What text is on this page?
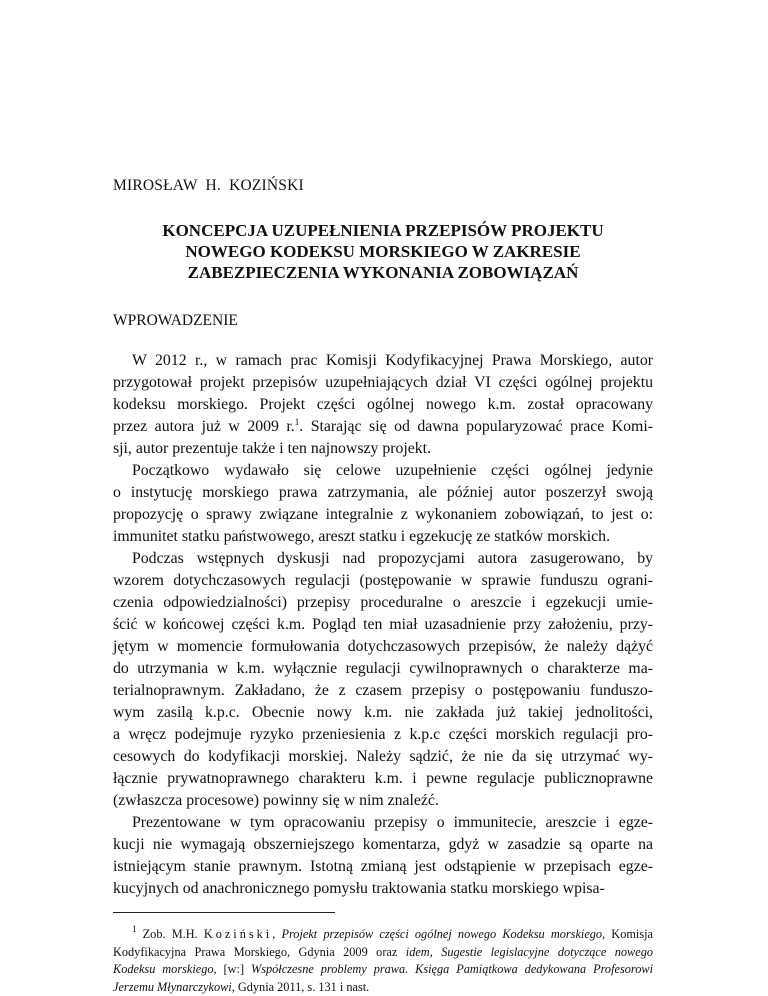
MIROSŁAW H. KOZIŃSKI
KONCEPCJA UZUPEŁNIENIA PRZEPISÓW PROJEKTU
NOWEGO KODEKSU MORSKIEGO W ZAKRESIE
ZABEZPIECZENIA WYKONANIA ZOBOWIĄZAŃ
WPROWADZENIE
W 2012 r., w ramach prac Komisji Kodyfikacyjnej Prawa Morskiego, autor
przygotował projekt przepisów uzupełniających dział VI części ogólnej projektu
kodeksu morskiego. Projekt części ogólnej nowego k.m. został opracowany
przez autora już w 2009 r.$^1$. Starając się od dawna popularyzować prace Komi-
sji, autor prezentuje także i ten najnowszy projekt.
Początkowo wydawało się celowe uzupełnienie części ogólnej jedynie
o instytucję morskiego prawa zatrzymania, ale później autor poszerzył swoją
propozycję o sprawy związane integralnie z wykonaniem zobowiązań, to jest o:
immunitet statku państwowego, areszt statku i egzekucję ze statków morskich.
Podczas wstępnych dyskusji nad propozycjami autora zasugerowano, by
wzorem dotychczasowych regulacji (postępowanie w sprawie funduszu ograni-
czenia odpowiedzialności) przepisy proceduralne o areszcie i egzekucji umie-
ścić w końcowej części k.m. Pogląd ten miał uzasadnienie przy założeniu, przy-
jętym w momencie formułowania dotychczasowych przepisów, że należy dążyć
do utrzymania w k.m. wyłącznie regulacji cywilnoprawnych o charakterze ma-
terialnoprawnym. Zakładano, że z czasem przepisy o postępowaniu funduszo-
wym zasilą k.p.c. Obecnie nowy k.m. nie zakłada już takiej jednolitości,
a wręcz podejmuje ryzyko przeniesienia z k.p.c części morskich regulacji pro-
cesowych do kodyfikacji morskiej. Należy sądzić, że nie da się utrzymać wy-
łącznie prywatnoprawnego charakteru k.m. i pewne regulacje publicznoprawne
(zwłaszcza procesowe) powinny się w nim znaleźć.
Prezentowane w tym opracowaniu przepisy o immunitecie, areszcie i egze-
kucji nie wymagają obszerniejszego komentarza, gdyż w zasadzie są oparte na
istniejącym stanie prawnym. Istotną zmianą jest odstąpienie w przepisach egze-
kucyjnych od anachronicznego pomysłu traktowania statku morskiego wpisa-
$^1$ Zob. M.H. Koziński, Projekt przepisów części ogólnej nowego Kodeksu morskiego, Komisja
Kodyfikacyjna Prawa Morskiego, Gdynia 2009 oraz idem, Sugestie legislacyjne dotyczące nowego
Kodeksu morskiego, [w:] Współczesne problemy prawa. Księga Pamiątkowa dedykowana Profesorowi
Jerzemu Młynarczykowi, Gdynia 2011, s. 131 i nast.
